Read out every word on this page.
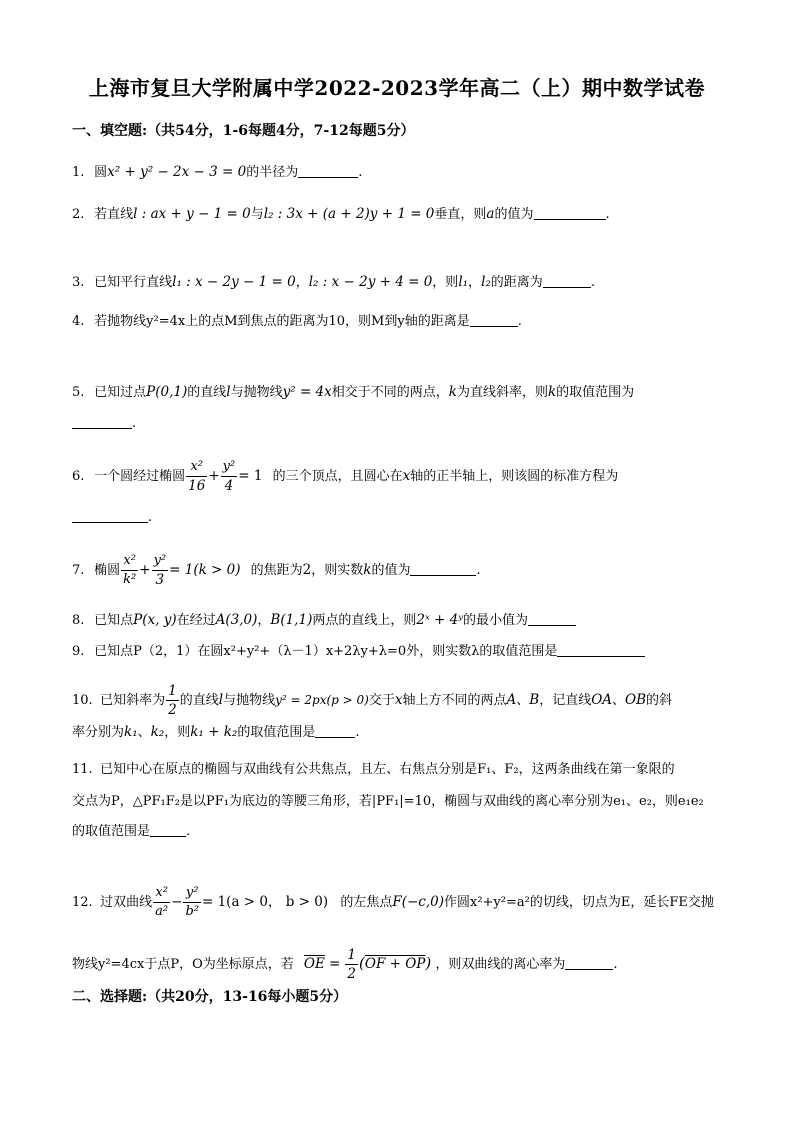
上海市复旦大学附属中学2022-2023学年高二（上）期中数学试卷
一、填空题:（共54分，1-6每题4分，7-12每题5分）
1. 圆x² + y² − 2x − 3 = 0的半径为	.
2. 若直线l : ax + y − 1 = 0与l₂ : 3x + (a + 2)y + 1 = 0垂直，则a的值为	.
3. 已知平行直线l₁ : x − 2y − 1 = 0，l₂ : x − 2y + 4 = 0，则l₁，l₂的距离为	.
4. 若抛物线y²=4x上的点M到焦点的距离为10，则M到y轴的距离是	.
5. 已知过点P(0,1)的直线l与抛物线y² = 4x相交于不同的两点，k为直线斜率，则k的取值范围为
.
6. 一个圆经过椭圆 $\frac{\text{x²}}{16} + \frac{\text{y²}}{4} = 1$ 的三个顶点，且圆心在x轴的正半轴上，则该圆的标准方程为
.
7. 椭圆 $\frac{\text{x²}}{\text{k²}} + \frac{\text{y²}}{3} = 1(k > 0)$ 的焦距为2，则实数k的值为	.
8. 已知点P(x, y)在经过A(3,0)，B(1,1)两点的直线上，则2ˣ + 4ʸ的最小值为
9. 已知点P（2，1）在圆x²+y²+（λ－1）x+2λy+λ=0外，则实数λ的取值范围是
10. 已知斜率为 $\frac{1}{2}$ 的直线l与抛物线y² = 2px(p > 0)交于x轴上方不同的两点A、B，记直线OA、OB的斜
率分别为k₁、k₂，则k₁ + k₂的取值范围是	.
11. 已知中心在原点的椭圆与双曲线有公共焦点，且左、右焦点分别是F₁、F₂，这两条曲线在第一象限的
交点为P，△PF₁F₂是以PF₁为底边的等腰三角形，若|PF₁|=10，椭圆与双曲线的离心率分别为e₁、e₂，则e₁e₂
的取值范围是	.
12. 过双曲线 $\frac{\text{x²}}{\text{a²}} - \frac{\text{y²}}{\text{b²}} = 1(a > 0$， b > 0) 的左焦点F(−c,0)作圆x²+y²=a²的切线，切点为E，延长FE交抛
物线y²=4cx于点P，O为坐标原点，若 $\overline{OE} = \frac{1}{2} (OF + OP)$ ，则双曲线的离心率为	.
二、选择题:（共20分，13-16每小题5分）
